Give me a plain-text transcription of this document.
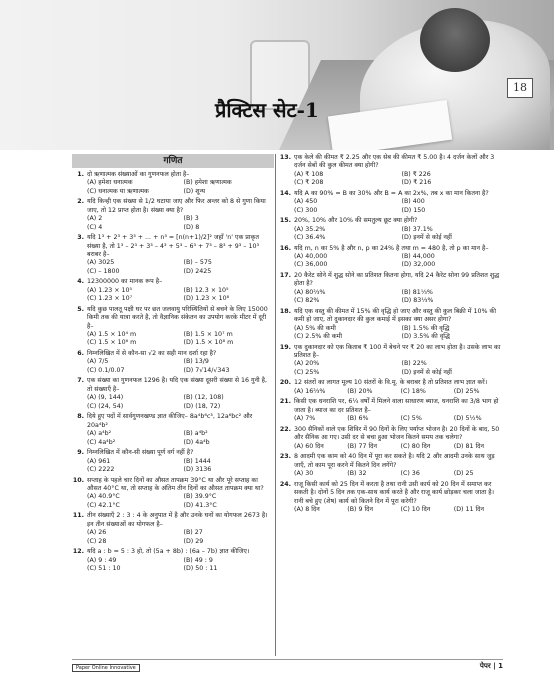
18
प्रैक्टिस सेट-1
गणित
1. दो ऋणात्मक संख्याओं का गुणनफल होता है–
(A) हमेशा धनात्मक	(B) हमेशा ऋणात्मक
(C) धनात्मक या ऋणात्मक	(D) शून्य
2. यदि किन्ही एक संख्या से 1/2 घटाया जाए और फिर अन्तर को 8 से गुणा किया जाए, तो 12 प्राप्त होता है। संख्या क्या है?
(A) 2	(B) 3
(C) 4	(D) 8
3. यदि 1³ + 2³ + 3³ + ... + n³ = [n(n+1)/2]² जहाँ 'n' एक प्राकृत संख्या है, तो 1³ – 2³ + 3³ – 4³ + 5³ – 6³ + 7³ – 8³ + 9³ – 10³ बराबर है–
(A) 3025	(B) – 575
(C) – 1800	(D) 2425
4. 12300000 का मानक रूप है–
(A) 1.23 × 10⁵	(B) 12.3 × 10⁵
(C) 1.23 × 10⁷	(D) 1.23 × 10⁸
5. यदि कुछ पालतू पक्षी घर पर छत जलवायु परिस्थितियों से बचने के लिए 15000 किमी तक की यात्रा करते है, तो वैज्ञानिक संकेतन का उपयोग करके मीटर में दूरी है–
(A) 1.5 × 10⁴ m	(B) 1.5 × 10⁷ m
(C) 1.5 × 10⁶ m	(D) 1.5 × 10⁸ m
6. निम्नलिखित में से कौन-सा √2 का सही मान दर्शा रहा है?
(A) 7/5	(B) 13/9
(C) 0.1/0.07	(D) 7√14/√343
7. एक संख्या का गुणनफल 1296 है। यदि एक संख्या दूसरी संख्या से 16 गुनी है, तो संख्याएँ है–
(A) (9, 144)	(B) (12, 108)
(C) (24, 54)	(D) (18, 72)
8. दिये हुए पदों में सार्वगुणनखण्ड ज्ञात कीजिए– 8a⁴b⁶c³, 12a⁶bc² और 20a⁴b²
(A) a⁴b²	(B) a⁴b²
(C) 4a⁴b²	(D) 4a⁴b
9. निम्नलिखित में कौन-सी संख्या पूर्ण वर्ग नहीं है?
(A) 961	(B) 1444
(C) 2222	(D) 3136
10. सप्ताह के पहले चार दिनों का औसत तापक्रम 39°C था और पूरे सप्ताह का औसत 40°C था, तो सप्ताह के अंतिम तीन दिनों का औसत तापक्रम क्या था?
(A) 40.9°C	(B) 39.9°C
(C) 42.1°C	(D) 41.3°C
11. तीन संख्याएँ 2 : 3 : 4 के अनुपात में है और उनके घनों का योगफल 2673 है। इन तीन संख्याओं का योगफल है–
(A) 26	(B) 27
(C) 28	(D) 29
12. यदि a : b = 5 : 3 हो, तो (5a + 8b) : (6a – 7b) ज्ञात कीजिए।
(A) 9 : 49	(B) 49 : 9
(C) 51 : 10	(D) 50 : 11
13. एक केले की कीमत ₹ 2.25 और एक सेब की कीमत ₹ 5.00 है। 4 दर्जन केलों और 3 दर्जन सेबों की कुल कीमत क्या होगी?
(A) ₹ 108	(B) ₹ 226
(C) ₹ 208	(D) ₹ 216
14. यदि A का 90% = B का 30% और B = A का 2x%, तब x का मान कितना है?
(A) 450	(B) 400
(C) 300	(D) 150
15. 20%, 10% और 10% की समतुल्य छूट क्या होगी?
(A) 35.2%	(B) 37.1%
(C) 36.4%	(D) इनमें से कोई नहीं
16. यदि m, n का 5% है और n, p का 24% है तथा m = 480 है, तो p का मान है–
(A) 40,000	(B) 44,000
(C) 36,000	(D) 32,000
17. 20 कैरेट सोने में शुद्ध सोने का प्रतिशत कितना होगा, यदि 24 कैरेट सोना 99 प्रतिशत शुद्ध होता है?
(A) 80⅔%	(B) 81⅓%
(C) 82%	(D) 83⅓%
18. यदि एक वस्तु की कीमत में 15% की वृद्धि हो जाए और वस्तु की कुल बिक्री में 10% की कमी हो जाए, तो दुकानदार की कुल कमाई में इसका क्या असर होगा?
(A) 5% की कमी	(B) 1.5% की वृद्धि
(C) 2.5% की कमी	(D) 3.5% की वृद्धि
19. एक दुकानदार को एक किताब ₹ 100 में बेचने पर ₹ 20 का लाभ होता है। उसके लाभ का प्रतिशत है–
(A) 20%	(B) 22%
(C) 25%	(D) इनमें से कोई नहीं
20. 12 संतरों का लागत मूल्य 10 संतरों के वि.मू. के बराबर है तो प्रतिशत लाभ ज्ञात करें।
(A) 16⅔%	(B) 20%	(C) 18%	(D) 25%
21. किसी एक धनराशि पर, 6¼ वर्षों में मिलने वाला साधारण ब्याज, धनराशि का 3/8 भाग हो जाता है। ब्याज का दर प्रतिशत है–
(A) 7%	(B) 6%	(C) 5%	(D) 5½%
22. 300 सैनिकों वाले एक शिविर में 90 दिनों के लिए पर्याप्त भोजन है। 20 दिनों के बाद, 50 और सैनिक आ गए। उसी दर से बचा हुआ भोजन कितने समय तक चलेगा?
(A) 60 दिन	(B) 77 दिन	(C) 80 दिन	(D) 81 दिन
23. 8 आदमी एक काम को 40 दिन में पूरा कर सकते है। यदि 2 और आदमी उनके साथ जुड़ जाएँ, तो काम पूरा करने में कितने दिन लगेंगे?
(A) 30	(B) 32	(C) 36	(D) 25
24. राजू किसी कार्य को 25 दिन में करता है तथा रानी उसी कार्य को 20 दिन में समाप्त कर सकती है। दोनों 5 दिन तक एक-साथ कार्य करते है और राजू कार्य छोड़कर चला जाता है। रानी बचे हुए (शेष) कार्य को कितने दिन में पूरा करेगी?
(A) 8 दिन	(B) 9 दिन	(C) 10 दिन	(D) 11 दिन
Paper Online Innovative	पेपर | 1
